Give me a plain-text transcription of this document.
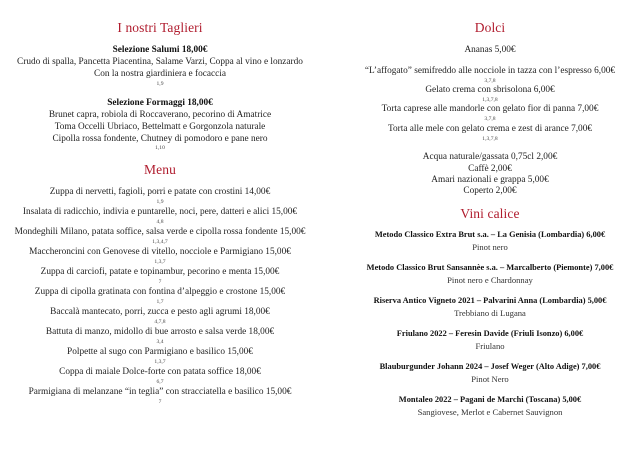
I nostri Taglieri
Selezione Salumi 18,00€
Crudo di spalla, Pancetta Piacentina, Salame Varzi, Coppa al vino e lonzardo
Con la nostra giardiniera e focaccia
1,9
Selezione Formaggi 18,00€
Brunet capra, robiola di Roccaverano, pecorino di Amatrice
Toma Occelli Ubriaco, Bettelmatt e Gorgonzola naturale
Cipolla rossa fondente, Chutney di pomodoro e pane nero
1,10
Menu
Zuppa di nervetti, fagioli, porri e patate con crostini 14,00€
1,9
Insalata di radicchio, indivia e puntarelle, noci, pere, datteri e alici 15,00€
4,8
Mondeghili Milano, patata soffice, salsa verde e cipolla rossa fondente 15,00€
1,3,4,7
Maccheroncini con Genovese di vitello, nocciole e Parmigiano 15,00€
1,3,7
Zuppa di carciofi, patate e topinambur, pecorino e menta 15,00€
7
Zuppa di cipolla gratinata con fontina d’alpeggio e crostone 15,00€
1,7
Baccalà mantecato, porri, zucca e pesto agli agrumi 18,00€
4,7,8
Battuta di manzo, midollo di bue arrosto e salsa verde 18,00€
3,4
Polpette al sugo con Parmigiano e basilico 15,00€
1,3,7
Coppa di maiale Dolce-forte con patata soffice 18,00€
6,7
Parmigiana di melanzane “in teglia” con stracciatella e basilico 15,00€
7
Dolci
Ananas 5,00€
“L’affogato” semifreddo alle nocciole in tazza con l’espresso 6,00€
3,7,8
Gelato crema con sbrisolona 6,00€
1,3,7,8
Torta caprese alle mandorle con gelato fior di panna 7,00€
3,7,8
Torta alle mele con gelato crema e zest di arance 7,00€
1,3,7,8
Acqua naturale/gassata 0,75cl 2,00€
Caffè 2,00€
Amari nazionali e grappa 5,00€
Coperto 2,00€
Vini calice
Metodo Classico Extra Brut s.a. – La Genisia (Lombardia) 6,00€
Pinot nero
Metodo Classico Brut Sansannèe s.a. – Marcalberto (Piemonte) 7,00€
Pinot nero e Chardonnay
Riserva Antico Vigneto 2021 – Palvarini Anna (Lombardia) 5,00€
Trebbiano di Lugana
Friulano 2022 – Feresin Davide (Friuli Isonzo) 6,00€
Friulano
Blauburgunder Johann 2024 – Josef Weger (Alto Adige) 7,00€
Pinot Nero
Montaleo 2022 – Pagani de Marchi (Toscana) 5,00€
Sangiovese, Merlot e Cabernet Sauvignon
